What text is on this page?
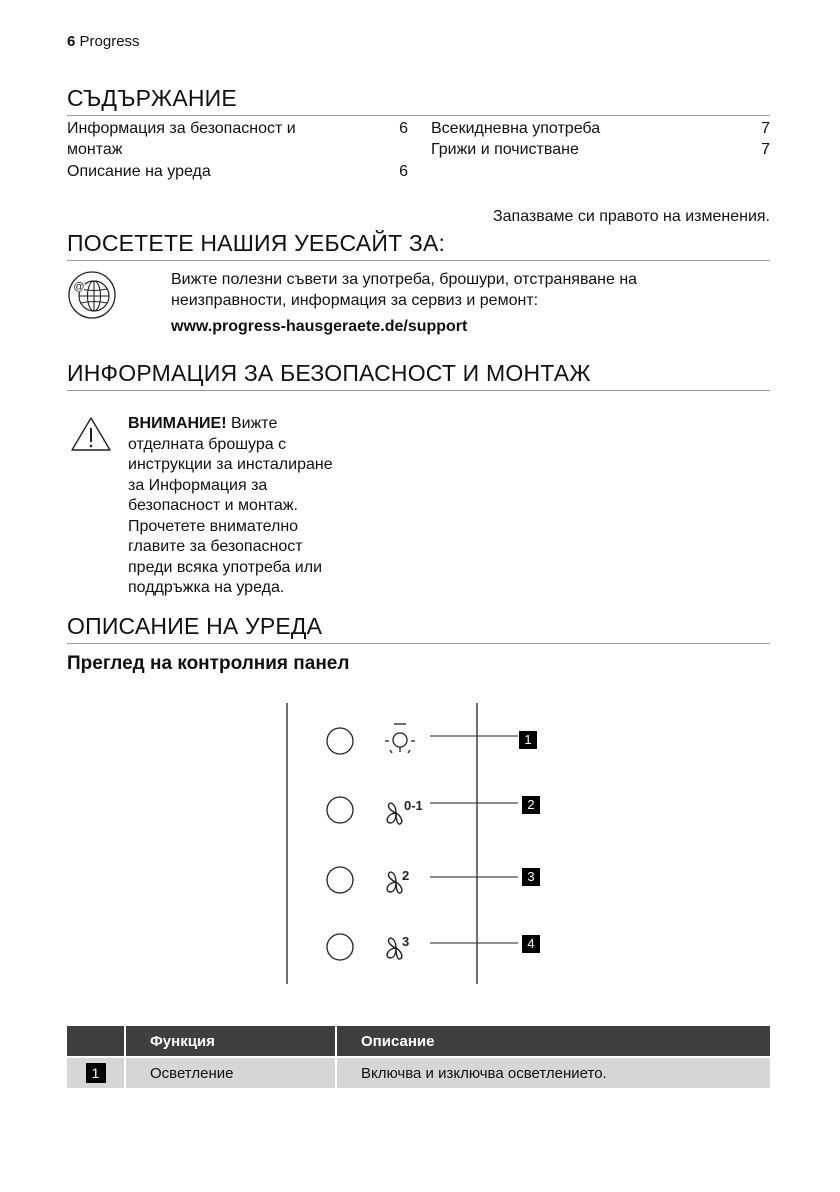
6 Progress
СЪДЪРЖАНИЕ
Информация за безопасност и
монтаж
6
Описание на уреда	6
Всекидневна употреба	7
Грижи и почистване	7
Запазваме си правото на изменения.
ПОСЕТЕТЕ НАШИЯ УЕБСАЙТ ЗА:
@	Вижте полезни съвети за употреба, брошури, отстраняване на
неизправности, информация за сервиз и ремонт:
www.progress-hausgeraete.de/support
ИНФОРМАЦИЯ ЗА БЕЗОПАСНОСТ И МОНТАЖ
ВНИМАНИЕ! Вижте
отделната брошура с
инструкции за инсталиране
за Информация за
безопасност и монтаж.
Прочетете внимателно
главите за безопасност
преди всяка употреба или
поддръжка на уреда.
ОПИСАНИЕ НА УРЕДА
Преглед на контролния панел
0-1
2
3
1
2
3
4
	Функция	Описание
1	Осветление	Включва и изключва осветлението.
